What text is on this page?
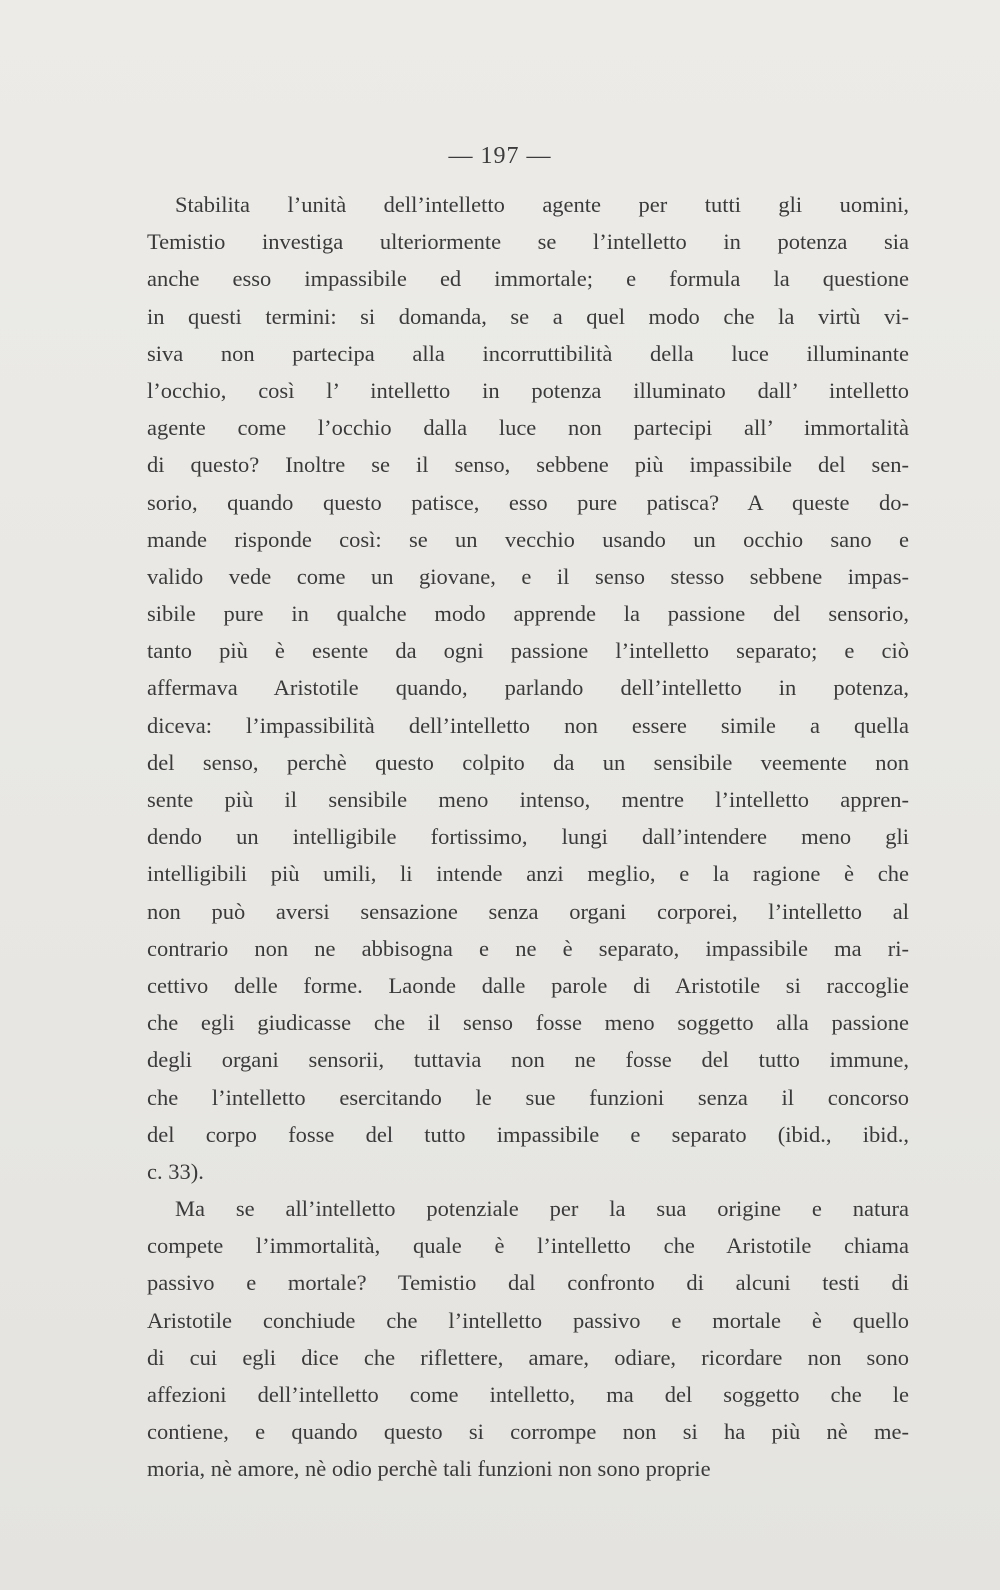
— 197 —
Stabilita l’unità dell’intelletto agente per tutti gli uomini,
Temistio investiga ulteriormente se l’intelletto in potenza sia
anche esso impassibile ed immortale; e formula la questione
in questi termini: si domanda, se a quel modo che la virtù vi-
siva non partecipa alla incorruttibilità della luce illuminante
l’occhio, così l’ intelletto in potenza illuminato dall’ intelletto
agente come l’occhio dalla luce non partecipi all’ immortalità
di questo? Inoltre se il senso, sebbene più impassibile del sen-
sorio, quando questo patisce, esso pure patisca? A queste do-
mande risponde così: se un vecchio usando un occhio sano e
valido vede come un giovane, e il senso stesso sebbene impas-
sibile pure in qualche modo apprende la passione del sensorio,
tanto più è esente da ogni passione l’intelletto separato; e ciò
affermava Aristotile quando, parlando dell’intelletto in potenza,
diceva: l’impassibilità dell’intelletto non essere simile a quella
del senso, perchè questo colpito da un sensibile veemente non
sente più il sensibile meno intenso, mentre l’intelletto appren-
dendo un intelligibile fortissimo, lungi dall’intendere meno gli
intelligibili più umili, li intende anzi meglio, e la ragione è che
non può aversi sensazione senza organi corporei, l’intelletto al
contrario non ne abbisogna e ne è separato, impassibile ma ri-
cettivo delle forme. Laonde dalle parole di Aristotile si raccoglie
che egli giudicasse che il senso fosse meno soggetto alla passione
degli organi sensorii, tuttavia non ne fosse del tutto immune,
che l’intelletto esercitando le sue funzioni senza il concorso
del corpo fosse del tutto impassibile e separato (ibid., ibid.,
c. 33).
Ma se all’intelletto potenziale per la sua origine e natura
compete l’immortalità, quale è l’intelletto che Aristotile chiama
passivo e mortale? Temistio dal confronto di alcuni testi di
Aristotile conchiude che l’intelletto passivo e mortale è quello
di cui egli dice che riflettere, amare, odiare, ricordare non sono
affezioni dell’intelletto come intelletto, ma del soggetto che le
contiene, e quando questo si corrompe non si ha più nè me-
moria, nè amore, nè odio perchè tali funzioni non sono proprie
